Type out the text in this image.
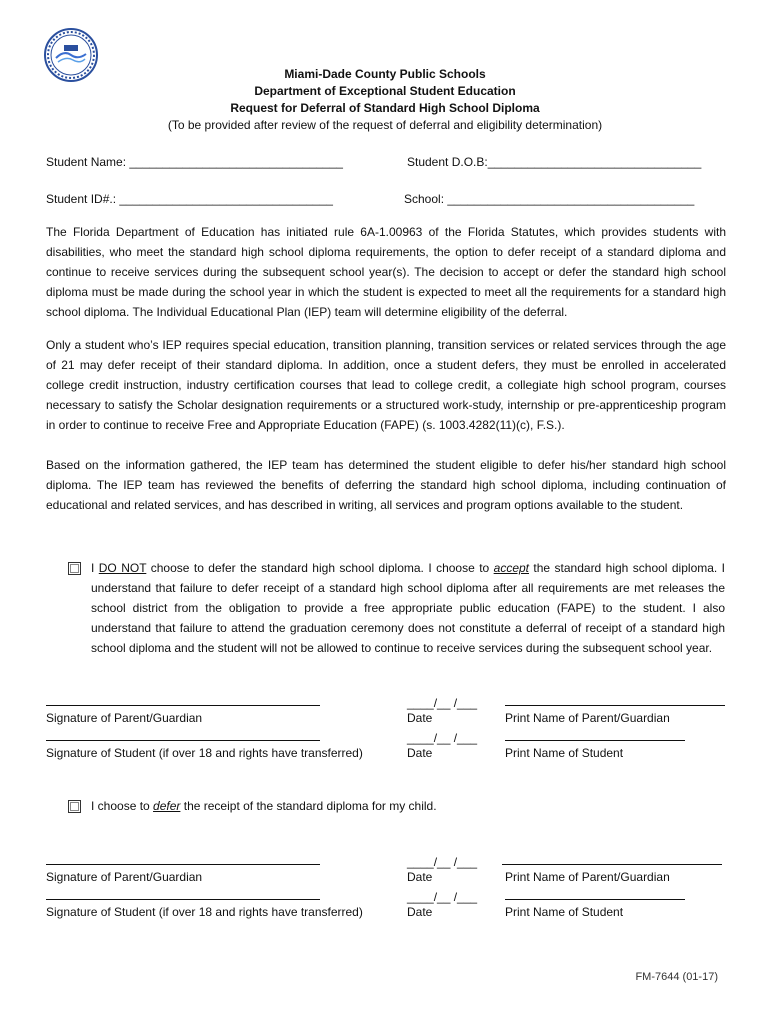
Miami-Dade County Public Schools
Department of Exceptional Student Education
Request for Deferral of Standard High School Diploma
(To be provided after review of the request of deferral and eligibility determination)
Student Name: ________________________________	Student D.O.B:________________________________
Student ID#.: ________________________________	School: _____________________________________
The Florida Department of Education has initiated rule 6A-1.00963 of the Florida Statutes, which provides students with disabilities, who meet the standard high school diploma requirements, the option to defer receipt of a standard diploma and continue to receive services during the subsequent school year(s). The decision to accept or defer the standard high school diploma must be made during the school year in which the student is expected to meet all the requirements for a standard high school diploma. The Individual Educational Plan (IEP) team will determine eligibility of the deferral.
Only a student who’s IEP requires special education, transition planning, transition services or related services through the age of 21 may defer receipt of their standard diploma. In addition, once a student defers, they must be enrolled in accelerated college credit instruction, industry certification courses that lead to college credit, a collegiate high school program, courses necessary to satisfy the Scholar designation requirements or a structured work-study, internship or pre-apprenticeship program in order to continue to receive Free and Appropriate Education (FAPE) (s. 1003.4282(11)(c), F.S.).
Based on the information gathered, the IEP team has determined the student eligible to defer his/her standard high school diploma. The IEP team has reviewed the benefits of deferring the standard high school diploma, including continuation of educational and related services, and has described in writing, all services and program options available to the student.
I DO NOT choose to defer the standard high school diploma. I choose to accept the standard high school diploma. I understand that failure to defer receipt of a standard high school diploma after all requirements are met releases the school district from the obligation to provide a free appropriate public education (FAPE) to the student. I also understand that failure to attend the graduation ceremony does not constitute a deferral of receipt of a standard high school diploma and the student will not be allowed to continue to receive services during the subsequent school year.
____/__ /___
Signature of Parent/Guardian	Date	Print Name of Parent/Guardian
____/__ /___
Signature of Student (if over 18 and rights have transferred)	Date	Print Name of Student
I choose to defer the receipt of the standard diploma for my child.
____/__ /___
Signature of Parent/Guardian	Date	Print Name of Parent/Guardian
____/__ /___
Signature of Student (if over 18 and rights have transferred)	Date	Print Name of Student
FM-7644 (01-17)
